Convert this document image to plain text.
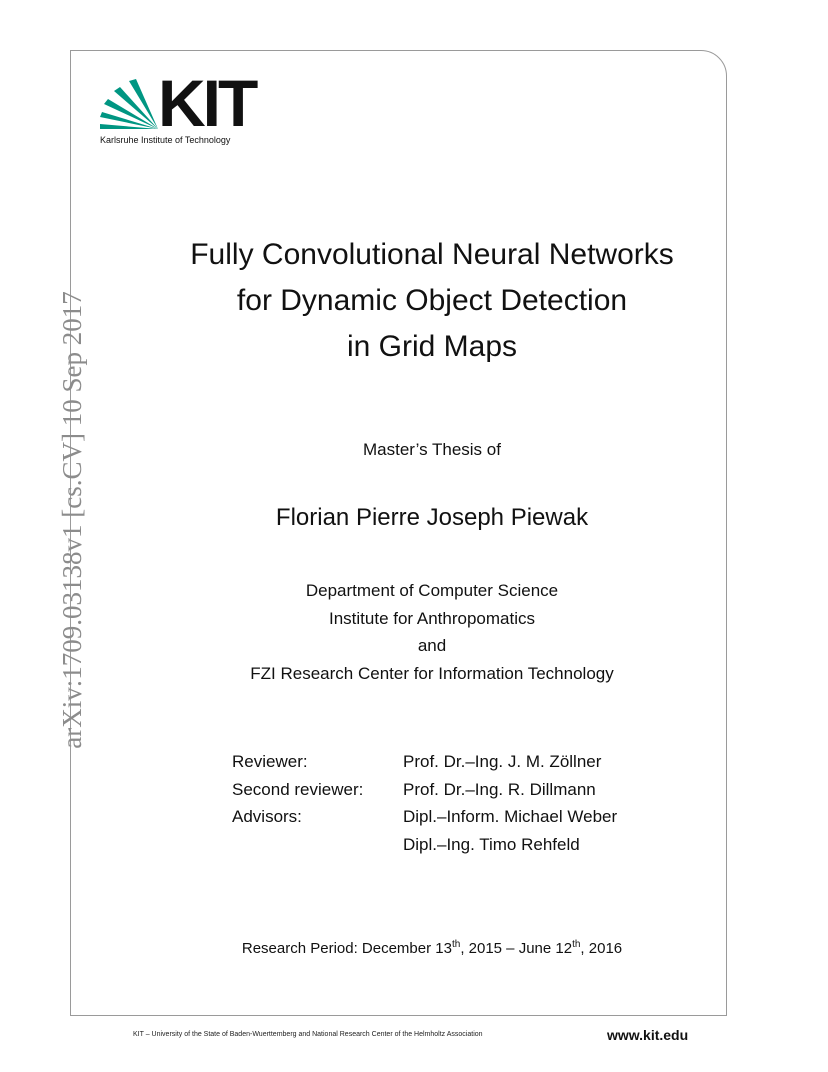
KIT
Karlsruhe Institute of Technology
arXiv:1709.03138v1 [cs.CV] 10 Sep 2017
Fully Convolutional Neural Networks
for Dynamic Object Detection
in Grid Maps
Master’s Thesis of
Florian Pierre Joseph Piewak
Department of Computer Science
Institute for Anthropomatics
and
FZI Research Center for Information Technology
Reviewer:	Prof. Dr.–Ing. J. M. Zöllner
Second reviewer:	Prof. Dr.–Ing. R. Dillmann
Advisors:	Dipl.–Inform. Michael Weber
Dipl.–Ing. Timo Rehfeld
Research Period: December 13th, 2015 – June 12th, 2016
KIT – University of the State of Baden-Wuerttemberg and National Research Center of the Helmholtz Association	www.kit.edu
